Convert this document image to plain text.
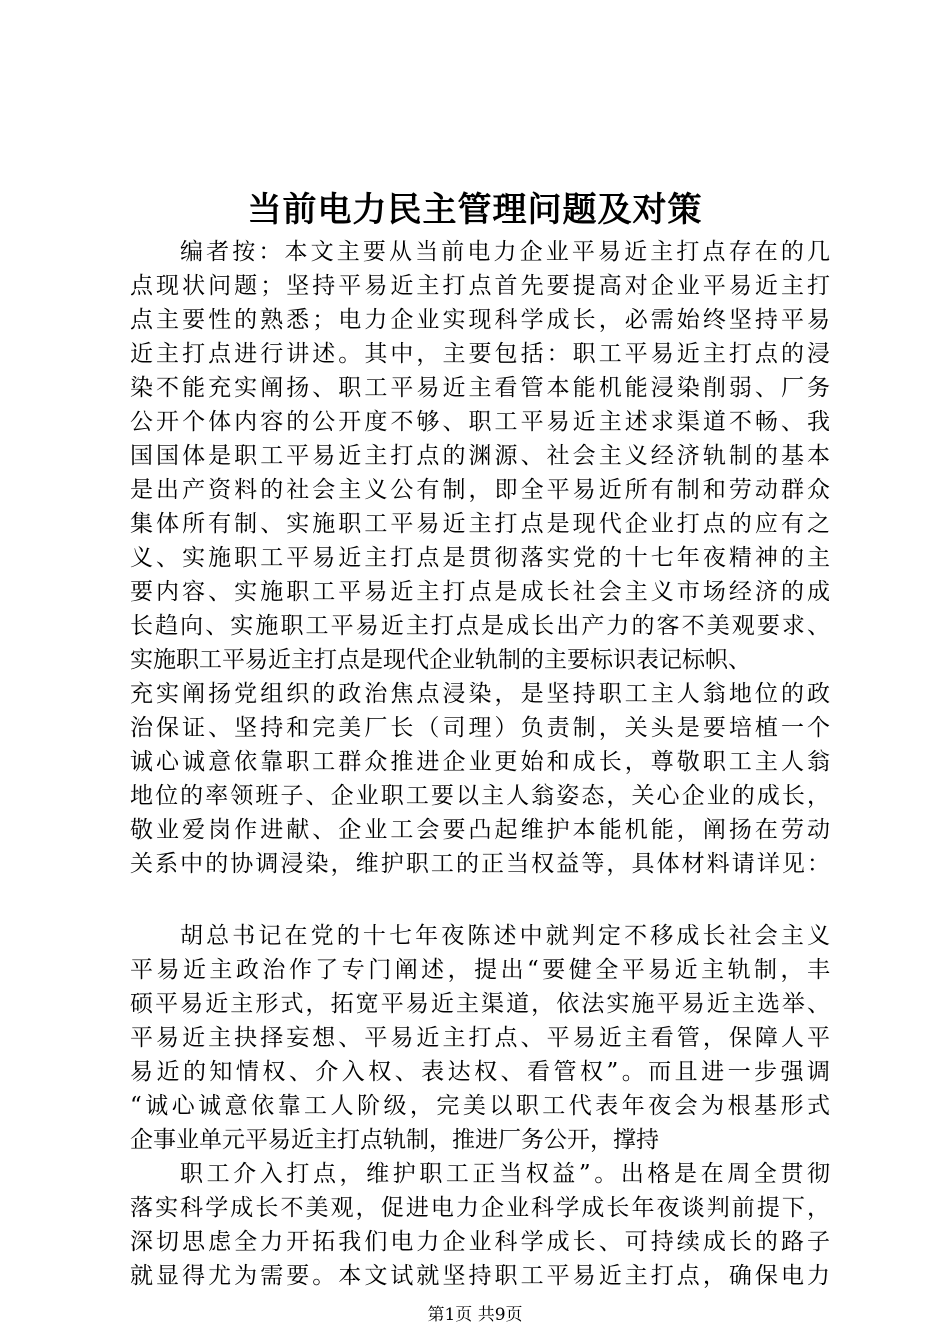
当前电力民主管理问题及对策
编者按：本文主要从当前电力企业平易近主打点存在的几
点现状问题；坚持平易近主打点首先要提高对企业平易近主打
点主要性的熟悉；电力企业实现科学成长，必需始终坚持平易
近主打点进行讲述。其中，主要包括：职工平易近主打点的浸
染不能充实阐扬、职工平易近主看管本能机能浸染削弱、厂务
公开个体内容的公开度不够、职工平易近主述求渠道不畅、我
国国体是职工平易近主打点的渊源、社会主义经济轨制的基本
是出产资料的社会主义公有制，即全平易近所有制和劳动群众
集体所有制、实施职工平易近主打点是现代企业打点的应有之
义、实施职工平易近主打点是贯彻落实党的十七年夜精神的主
要内容、实施职工平易近主打点是成长社会主义市场经济的成
长趋向、实施职工平易近主打点是成长出产力的客不美观要求、
实施职工平易近主打点是现代企业轨制的主要标识表记标帜、
充实阐扬党组织的政治焦点浸染，是坚持职工主人翁地位的政
治保证、坚持和完美厂长（司理）负责制，关头是要培植一个
诚心诚意依靠职工群众推进企业更始和成长，尊敬职工主人翁
地位的率领班子、企业职工要以主人翁姿态，关心企业的成长，
敬业爱岗作进献、企业工会要凸起维护本能机能，阐扬在劳动
关系中的协调浸染，维护职工的正当权益等，具体材料请详见：
胡总书记在党的十七年夜陈述中就判定不移成长社会主义
平易近主政治作了专门阐述，提出“要健全平易近主轨制，丰
硕平易近主形式，拓宽平易近主渠道，依法实施平易近主选举、
平易近主抉择妄想、平易近主打点、平易近主看管，保障人平
易近的知情权、介入权、表达权、看管权”。而且进一步强调
“诚心诚意依靠工人阶级，完美以职工代表年夜会为根基形式
企事业单元平易近主打点轨制，推进厂务公开，撑持
职工介入打点，维护职工正当权益”。出格是在周全贯彻
落实科学成长不美观，促进电力企业科学成长年夜谈判前提下，
深切思虑全力开拓我们电力企业科学成长、可持续成长的路子
就显得尤为需要。本文试就坚持职工平易近主打点，确保电力
第1页 共9页
